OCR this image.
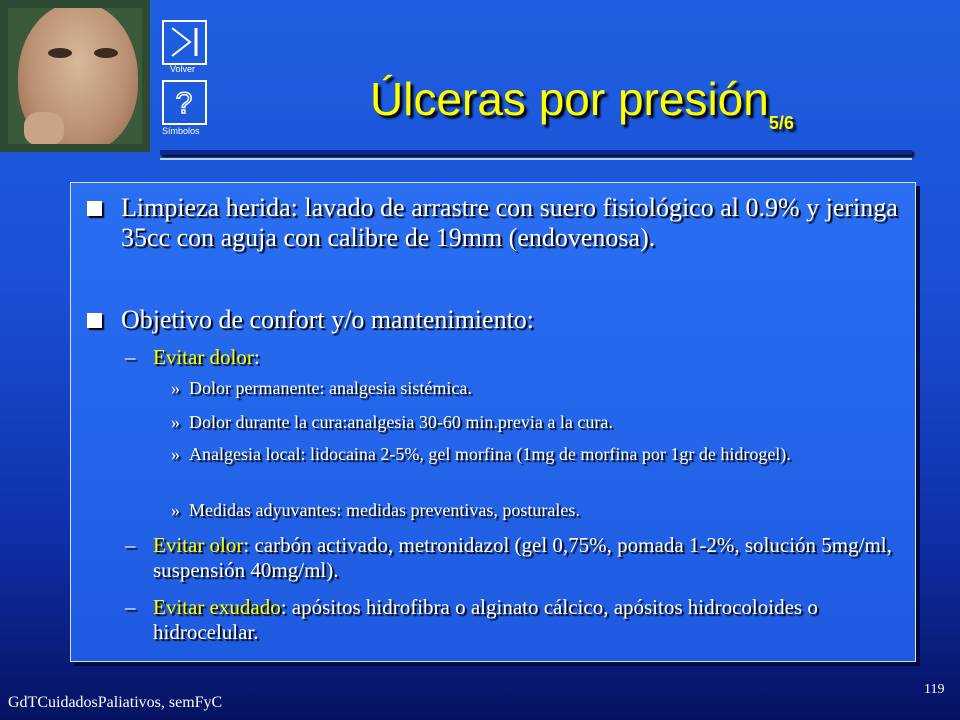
Volver
?
Símbolos
Úlceras por presión$_{5/6}$
Limpieza herida: lavado de arrastre con suero fisiológico al 0.9% y jeringa 35cc con aguja con calibre de 19mm (endovenosa).
Objetivo de confort y/o mantenimiento:
– Evitar dolor:
» Dolor permanente: analgesia sistémica.
» Dolor durante la cura:analgesia 30-60 min.previa a la cura.
» Analgesia local: lidocaina 2-5%, gel morfina (1mg de morfina por 1gr de hidrogel).
» Medidas adyuvantes: medidas preventivas, posturales.
– Evitar olor: carbón activado, metronidazol (gel 0,75%, pomada 1-2%, solución 5mg/ml, suspensión 40mg/ml).
– Evitar exudado: apósitos hidrofibra o alginato cálcico, apósitos hidrocoloides o hidrocelular.
GdTCuidadosPaliativos, semFyC
119
